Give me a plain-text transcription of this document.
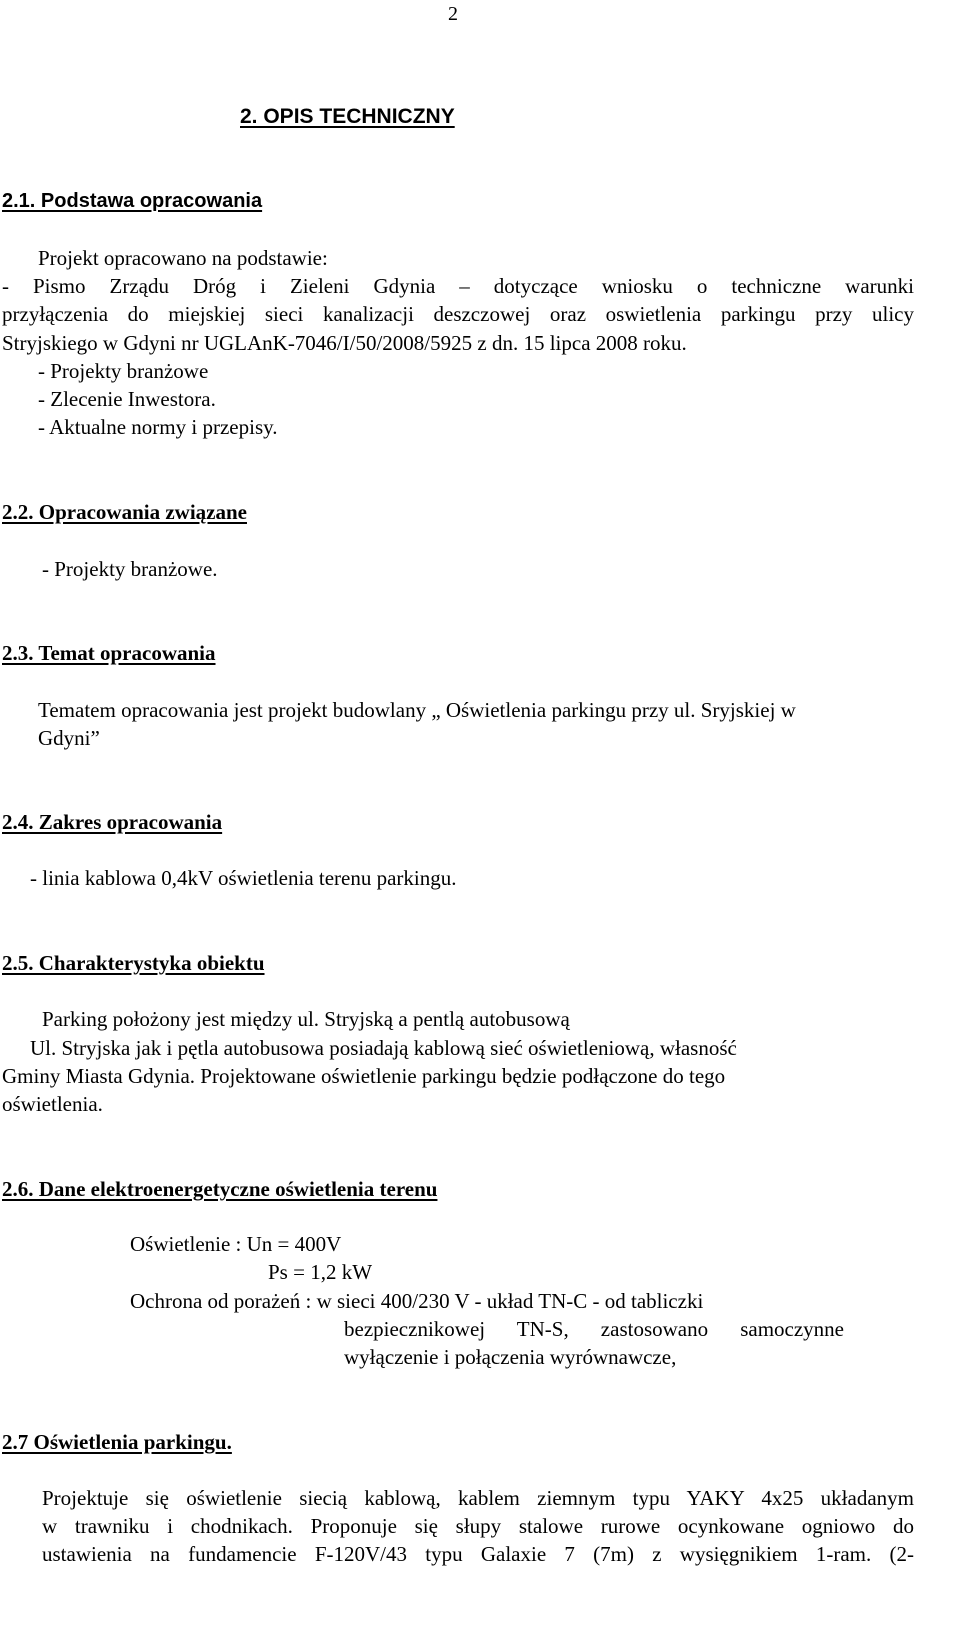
2
2. OPIS TECHNICZNY
2.1. Podstawa opracowania
Projekt opracowano na podstawie:
- Pismo Zrządu Dróg i Zieleni Gdynia – dotyczące wniosku o techniczne warunki
przyłączenia do miejskiej sieci kanalizacji deszczowej oraz oswietlenia parkingu przy ulicy
Stryjskiego w Gdyni nr UGLAnK-7046/I/50/2008/5925 z dn. 15 lipca 2008 roku.
- Projekty branżowe
- Zlecenie Inwestora.
- Aktualne normy i przepisy.
2.2. Opracowania związane
- Projekty branżowe.
2.3. Temat opracowania
Tematem opracowania jest projekt budowlany „ Oświetlenia parkingu przy ul. Sryjskiej w
Gdyni”
2.4. Zakres opracowania
- linia kablowa 0,4kV oświetlenia terenu parkingu.
2.5. Charakterystyka obiektu
Parking położony jest między ul. Stryjską a pentlą autobusową
Ul. Stryjska jak i pętla autobusowa posiadają kablową sieć oświetleniową, własność
Gminy Miasta Gdynia. Projektowane oświetlenie parkingu będzie podłączone do tego
oświetlenia.
2.6. Dane elektroenergetyczne oświetlenia terenu
Oświetlenie : Un = 400V
Ps = 1,2 kW
Ochrona od porażeń : w sieci 400/230 V - układ TN-C - od tabliczki
bezpiecznikowej TN-S, zastosowano samoczynne
wyłączenie i połączenia wyrównawcze,
2.7 Oświetlenia parkingu.
Projektuje się oświetlenie siecią kablową, kablem ziemnym typu YAKY 4x25 układanym
w trawniku i chodnikach. Proponuje się słupy stalowe rurowe ocynkowane ogniowo do
ustawienia na fundamencie F-120V/43 typu Galaxie 7 (7m) z wysięgnikiem 1-ram. (2-
